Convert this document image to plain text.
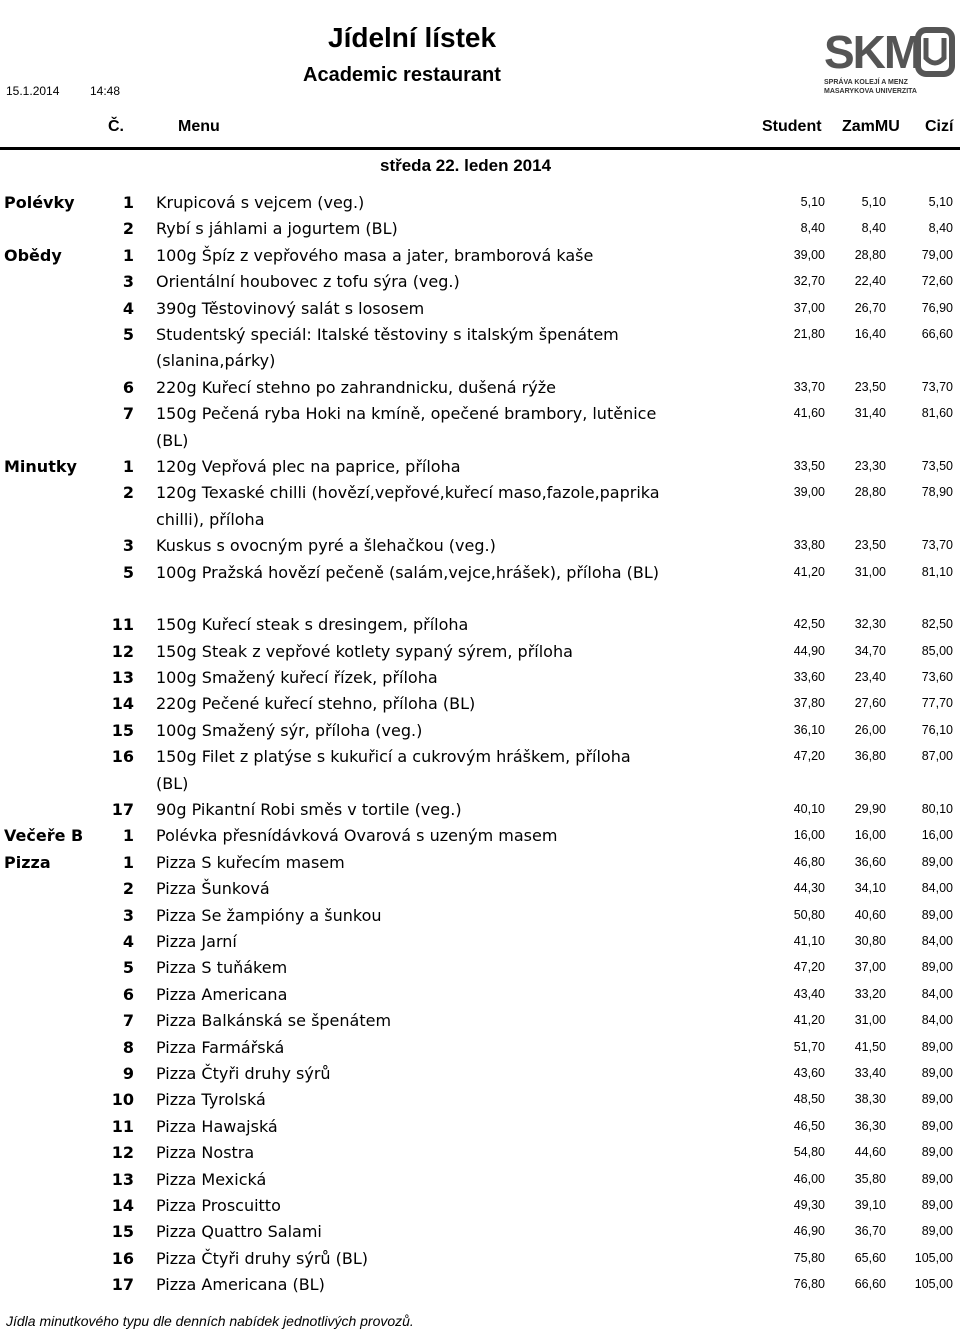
15.1.2014	14:48
Jídelní lístek
Academic restaurant	SKM
SPRÁVA KOLEJÍ A MENZ
MASARYKOVA UNIVERZITA
Č.	Menu	Student ZamMU Cizí
středa 22. leden 2014
Polévky	1 Krupicová s vejcem (veg.)	5,10	5,10	5,10
2 Rybí s jáhlami a jogurtem (BL)	8,40	8,40	8,40
Obědy	1 100g Špíz z vepřového masa a jater, bramborová kaše	39,00	28,80	79,00
3 Orientální houbovec z tofu sýra (veg.)	32,70	22,40	72,60
4 390g Těstovinový salát s lososem	37,00	26,70	76,90
5 Studentský speciál: Italské těstoviny s italským špenátem (slanina,párky)
21,80	16,40	66,60
6 220g Kuřecí stehno po zahrandnicku, dušená rýže	33,70	23,50	73,70
7 150g Pečená ryba Hoki na kmíně, opečené brambory, lutěnice (BL)
41,60	31,40	81,60
Minutky	1 120g Vepřová plec na paprice, příloha	33,50	23,30	73,50
2 120g Texaské chilli (hovězí,vepřové,kuřecí maso,fazole,paprika chilli), příloha
39,00	28,80	78,90
3 Kuskus s ovocným pyré a šlehačkou (veg.)	33,80	23,50	73,70
5 100g Pražská hovězí pečeně (salám,vejce,hrášek), příloha (BL)	41,20	31,00	81,10
11 150g Kuřecí steak s dresingem, příloha	42,50	32,30	82,50
12 150g Steak z vepřové kotlety sypaný sýrem, příloha	44,90	34,70	85,00
13 100g Smažený kuřecí řízek, příloha	33,60	23,40	73,60
14 220g Pečené kuřecí stehno, příloha (BL)	37,80	27,60	77,70
15 100g Smažený sýr, příloha (veg.)	36,10	26,00	76,10
16 150g Filet z platýse s kukuřicí a cukrovým hráškem, příloha (BL)
47,20	36,80	87,00
17 90g Pikantní Robi směs v tortile (veg.)	40,10	29,90	80,10
Večeře B	1 Polévka přesnídávková Ovarová s uzeným masem	16,00	16,00	16,00
Pizza	1 Pizza S kuřecím masem	46,80	36,60	89,00
2 Pizza Šunková	44,30	34,10	84,00
3 Pizza Se žampióny a šunkou	50,80	40,60	89,00
4 Pizza Jarní	41,10	30,80	84,00
5 Pizza S tuňákem	47,20	37,00	89,00
6 Pizza Americana	43,40	33,20	84,00
7 Pizza Balkánská se špenátem	41,20	31,00	84,00
8 Pizza Farmářská	51,70	41,50	89,00
9 Pizza Čtyři druhy sýrů	43,60	33,40	89,00
10 Pizza Tyrolská	48,50	38,30	89,00
11 Pizza Hawajská	46,50	36,30	89,00
12 Pizza Nostra	54,80	44,60	89,00
13 Pizza Mexická	46,00	35,80	89,00
14 Pizza Proscuitto	49,30	39,10	89,00
15 Pizza Quattro Salami	46,90	36,70	89,00
16 Pizza Čtyři druhy sýrů (BL)	75,80	65,60	105,00
17 Pizza Americana (BL)	76,80	66,60	105,00
Jídla minutkového typu dle denních nabídek jednotlivých provozů.
